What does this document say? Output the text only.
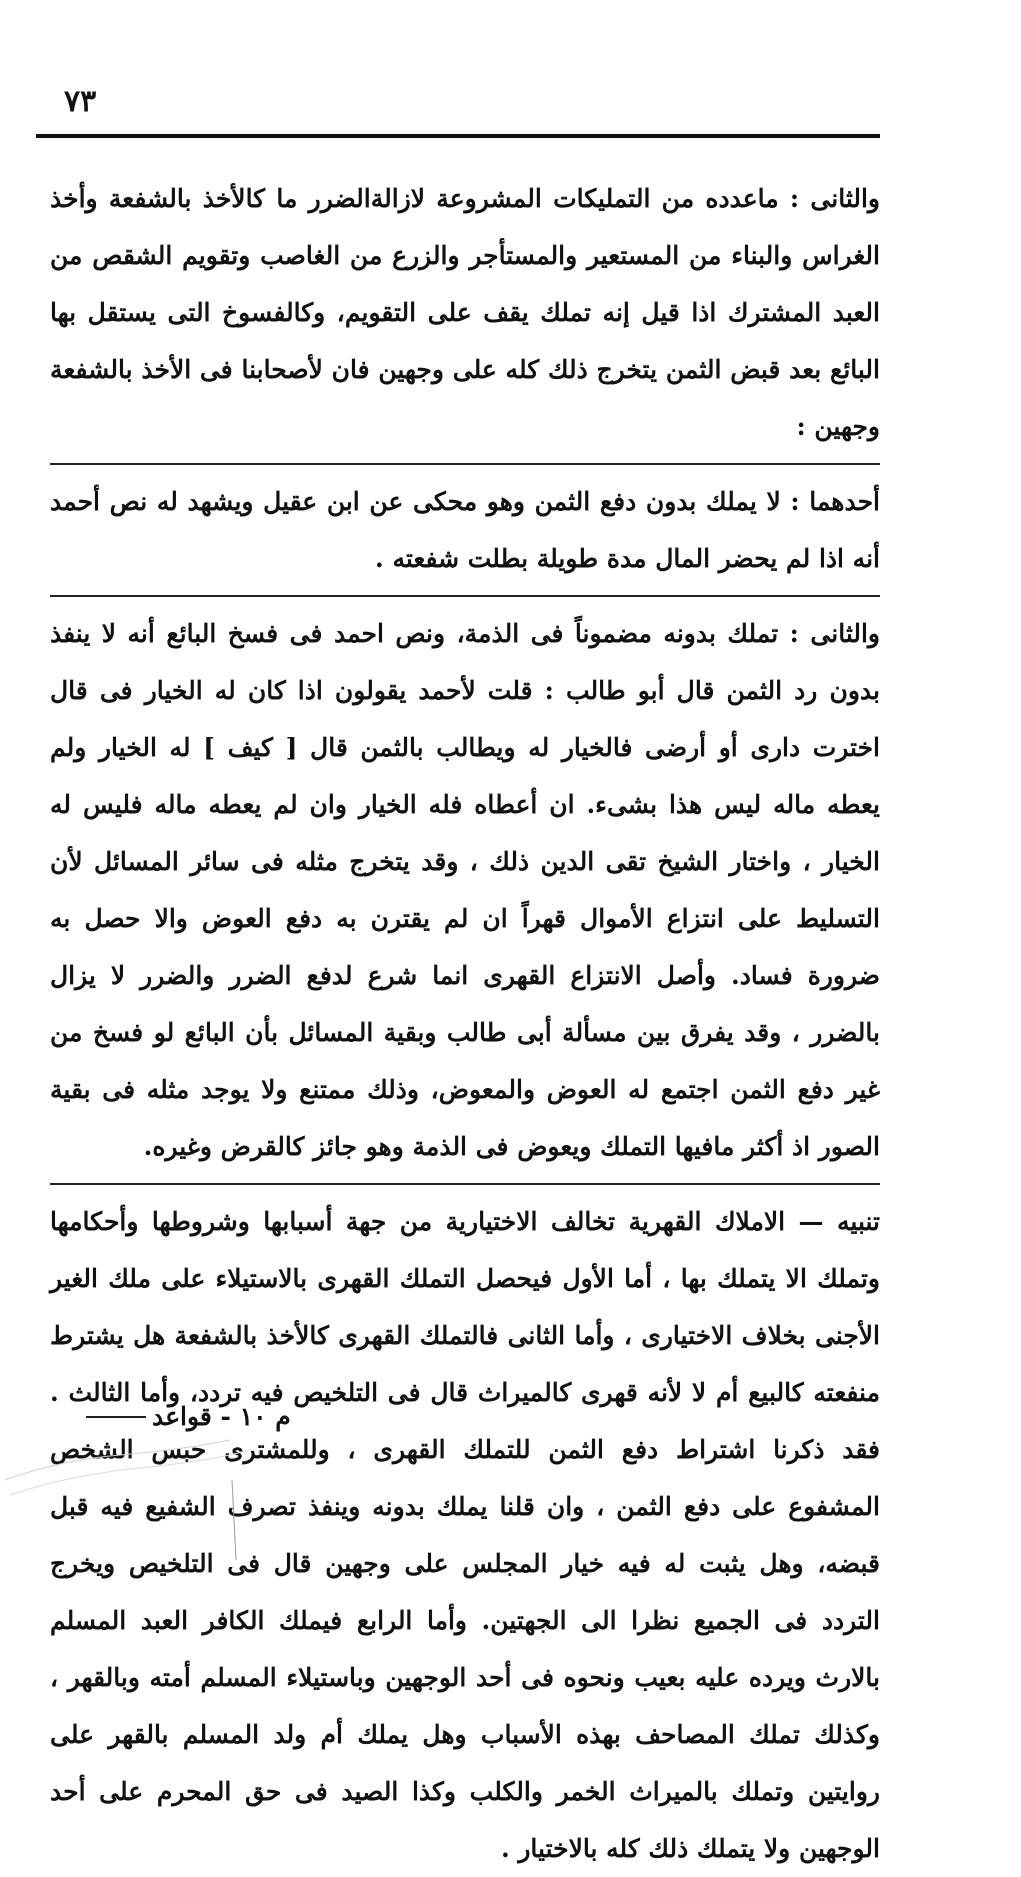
٧٣

والثانى : ماعدده من التمليكات المشروعة لازالةالضرر ما كالأخذ بالشفعة وأخذ الغراس والبناء من المستعير والمستأجر والزرع من الغاصب وتقويم الشقص من العبد المشترك اذا قيل إنه تملك يقف على التقويم، وكالفسوخ التى يستقل بها البائع بعد قبض الثمن يتخرج ذلك كله على وجهين فان لأصحابنا فى الأخذ بالشفعة وجهين :

أحدهما : لا يملك بدون دفع الثمن وهو محكى عن ابن عقيل ويشهد له نص أحمد أنه اذا لم يحضر المال مدة طويلة بطلت شفعته .

والثانى : تملك بدونه مضموناً فى الذمة، ونص احمد فى فسخ البائع أنه لا ينفذ بدون رد الثمن قال أبو طالب : قلت لأحمد يقولون اذا كان له الخيار فى قال اخترت دارى أو أرضى فالخيار له ويطالب بالثمن قال [ كيف ] له الخيار ولم يعطه ماله ليس هذا بشىء. ان أعطاه فله الخيار وان لم يعطه ماله فليس له الخيار ، واختار الشيخ تقى الدين ذلك ، وقد يتخرج مثله فى سائر المسائل لأن التسليط على انتزاع الأموال قهراً ان لم يقترن به دفع العوض والا حصل به ضرورة فساد. وأصل الانتزاع القهرى انما شرع لدفع الضرر والضرر لا يزال بالضرر ، وقد يفرق بين مسألة أبى طالب وبقية المسائل بأن البائع لو فسخ من غير دفع الثمن اجتمع له العوض والمعوض، وذلك ممتنع ولا يوجد مثله فى بقية الصور اذ أكثر مافيها التملك ويعوض فى الذمة وهو جائز كالقرض وغيره.

تنبيه — الاملاك القهرية تخالف الاختيارية من جهة أسبابها وشروطها وأحكامها وتملك الا يتملك بها ، أما الأول فيحصل التملك القهرى بالاستيلاء على ملك الغير الأجنى بخلاف الاختيارى ، وأما الثانى فالتملك القهرى كالأخذ بالشفعة هل يشترط منفعته كالبيع أم لا لأنه قهرى كالميراث قال فى التلخيص فيه تردد، وأما الثالث . فقد ذكرنا اشتراط دفع الثمن للتملك القهرى ، وللمشترى حبس الشخص المشفوع على دفع الثمن ، وان قلنا يملك بدونه وينفذ تصرف الشفيع فيه قبل قبضه، وهل يثبت له فيه خيار المجلس على وجهين قال فى التلخيص ويخرج التردد فى الجميع نظرا الى الجهتين. وأما الرابع فيملك الكافر العبد المسلم بالارث ويرده عليه بعيب ونحوه فى أحد الوجهين وباستيلاء المسلم أمته وبالقهر ، وكذلك تملك المصاحف بهذه الأسباب وهل يملك أم ولد المسلم بالقهر على روايتين وتملك بالميراث الخمر والكلب وكذا الصيد فى حق المحرم على أحد الوجهين ولا يتملك ذلك كله بالاختيار .

م ١٠ - قواعد
